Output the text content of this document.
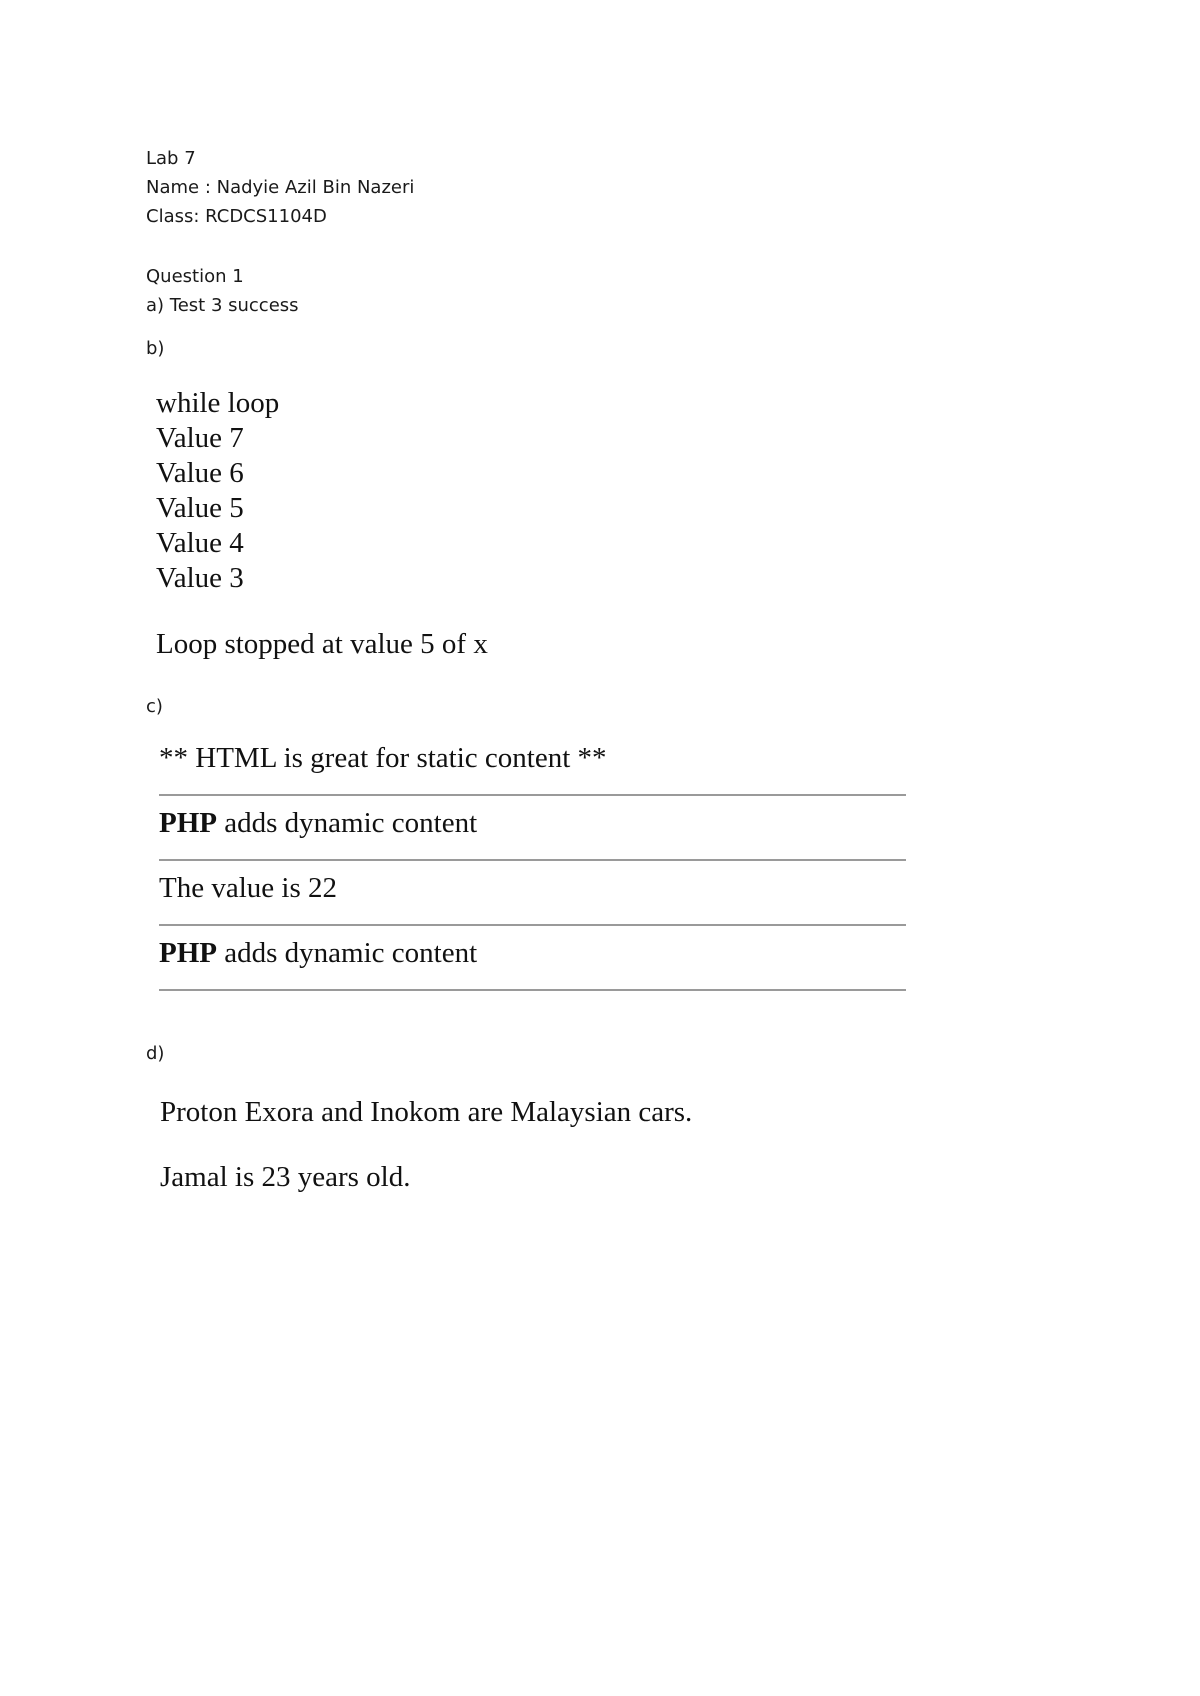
Lab 7
Name : Nadyie Azil Bin Nazeri
Class: RCDCS1104D
Question 1
a) Test 3 success
b)
while loop
Value 7
Value 6
Value 5
Value 4
Value 3
Loop stopped at value 5 of x
c)
** HTML is great for static content **
PHP adds dynamic content
The value is 22
PHP adds dynamic content
d)
Proton Exora and Inokom are Malaysian cars.
Jamal is 23 years old.
